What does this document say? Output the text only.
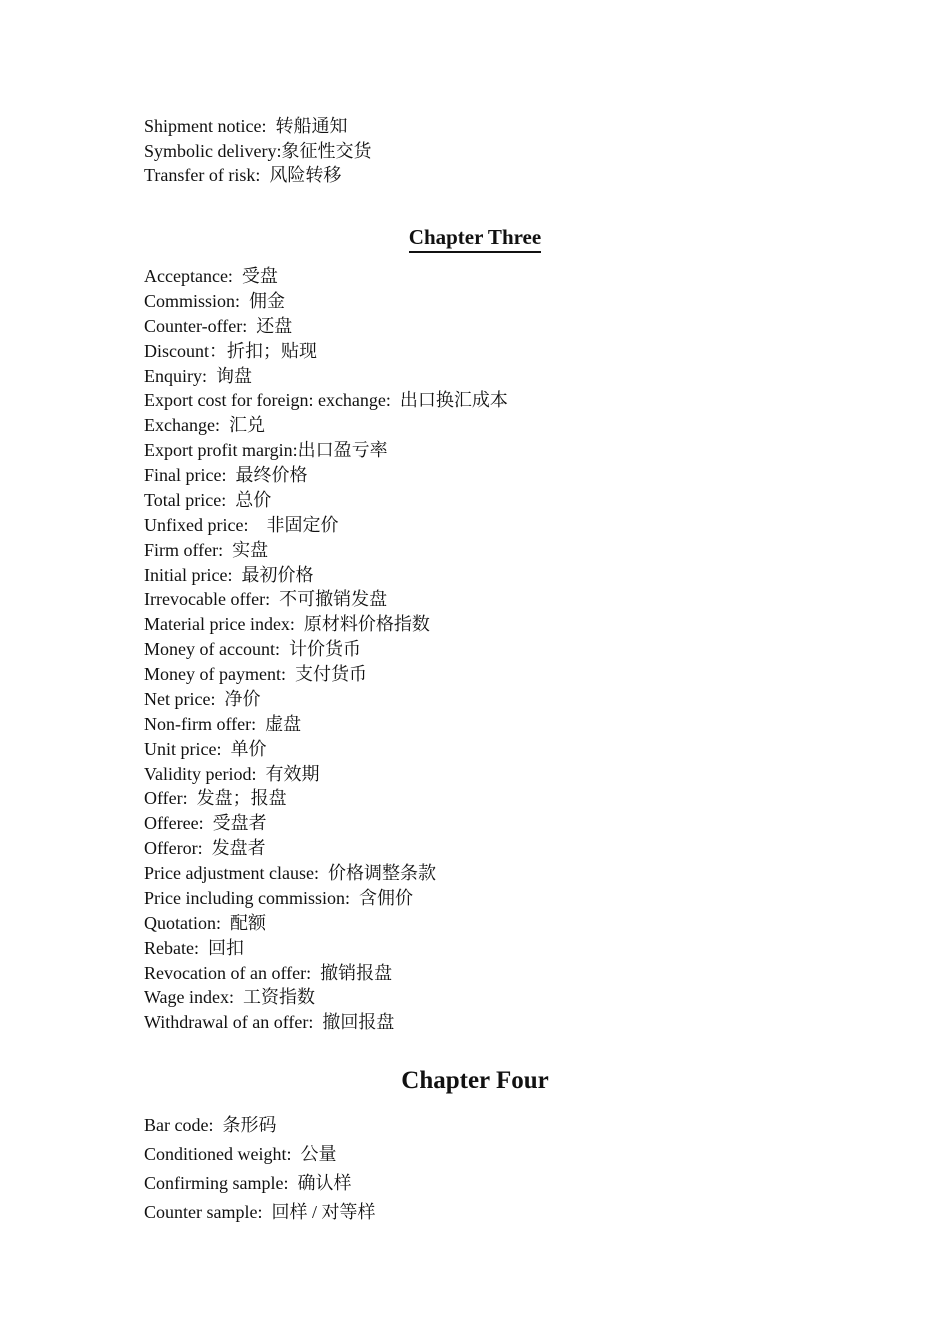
Shipment notice:  转船通知

Symbolic delivery:象征性交货

Transfer of risk:  风险转移

Chapter Three

Acceptance:  受盘

Commission:  佣金

Counter-offer:  还盘

Discount：折扣；贴现

Enquiry:  询盘

Export cost for foreign: exchange:  出口换汇成本

Exchange:  汇兑

Export profit margin:出口盈亏率

Final price:  最终价格

Total price:  总价

Unfixed price:    非固定价

Firm offer:  实盘

Initial price:  最初价格

Irrevocable offer:  不可撤销发盘

Material price index:  原材料价格指数

Money of account:  计价货币

Money of payment:  支付货币

Net price:  净价

Non-firm offer:  虚盘

Unit price:  单价

Validity period:  有效期

Offer:  发盘；报盘

Offeree:  受盘者

Offeror:  发盘者

Price adjustment clause:  价格调整条款

Price including commission:  含佣价

Quotation:  配额

Rebate:  回扣

Revocation of an offer:  撤销报盘

Wage index:  工资指数

Withdrawal of an offer:  撤回报盘

Chapter Four

Bar code:  条形码

Conditioned weight:  公量

Confirming sample:  确认样

Counter sample:  回样 / 对等样
